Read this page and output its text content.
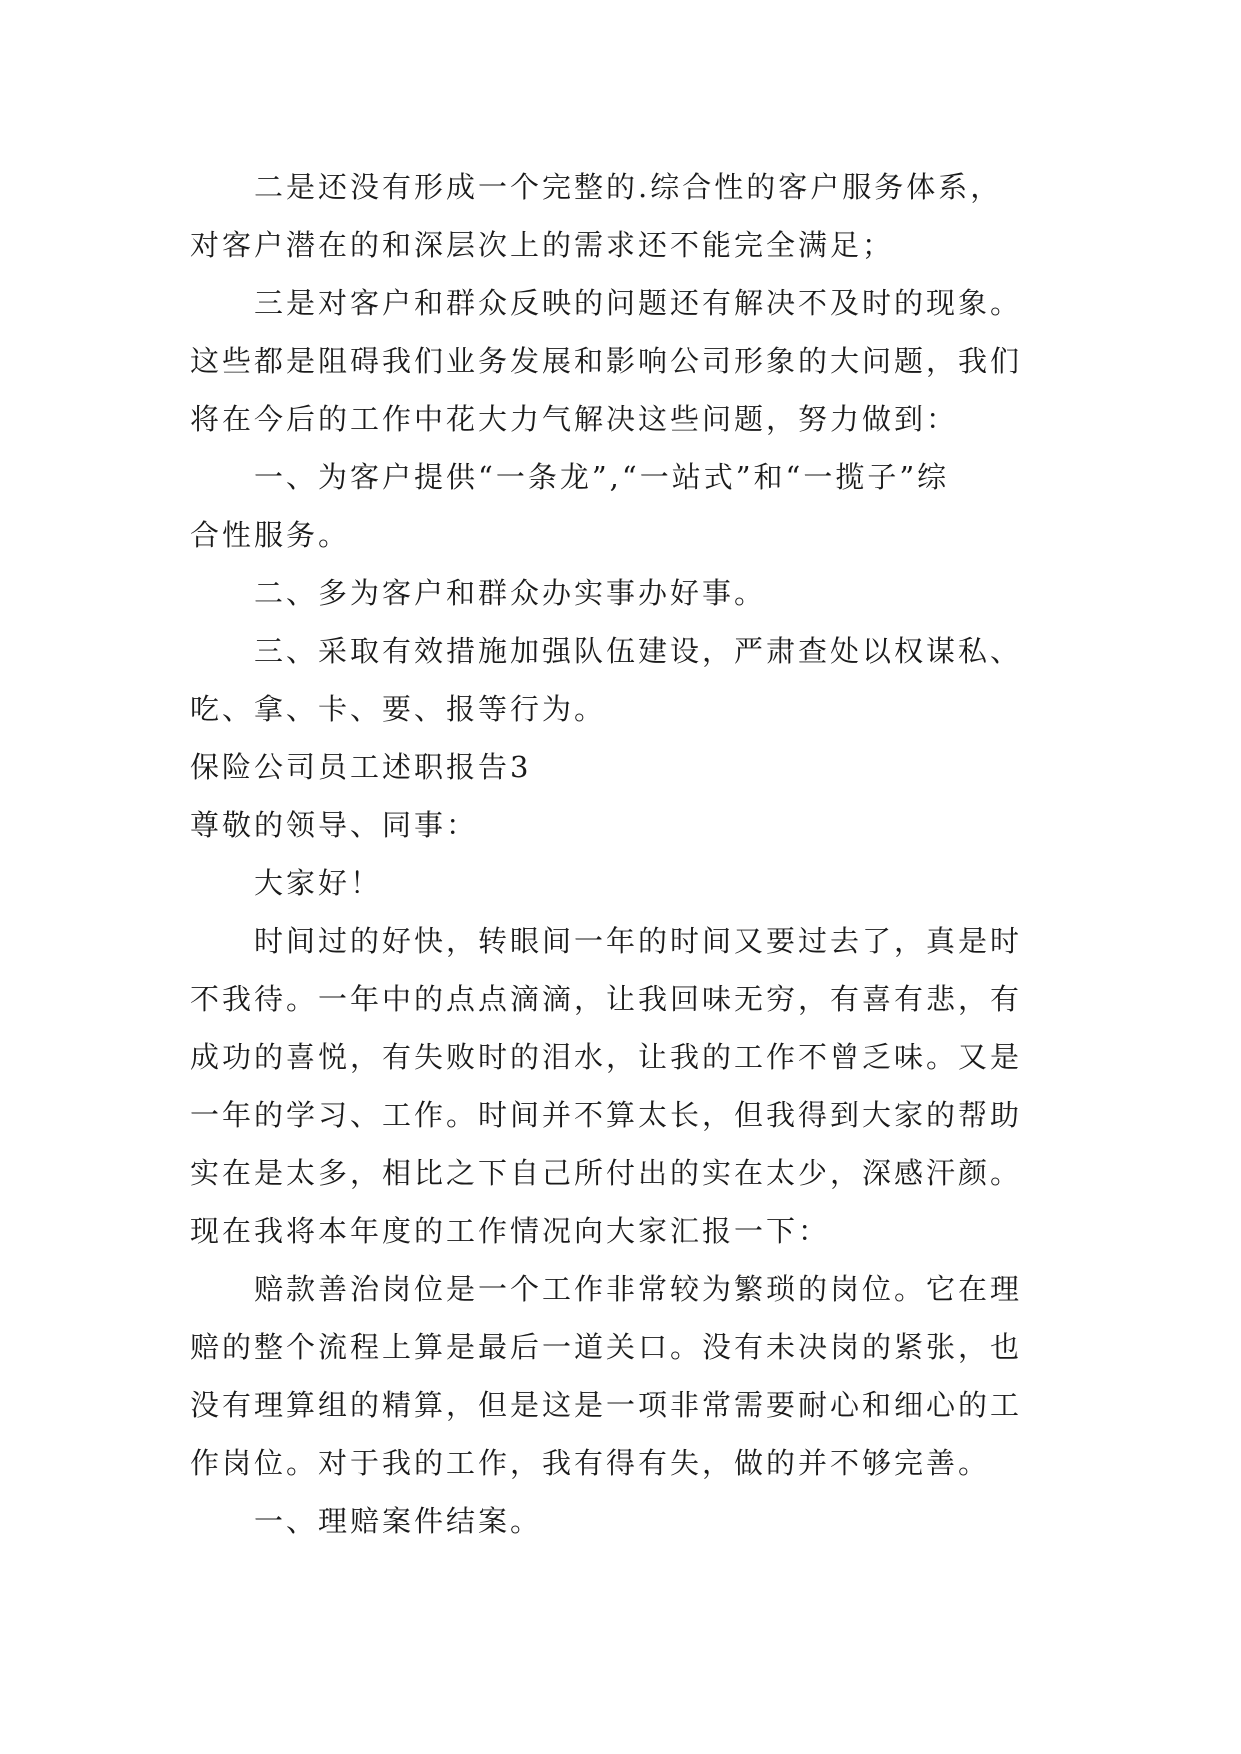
二是还没有形成一个完整的.综合性的客户服务体系，
对客户潜在的和深层次上的需求还不能完全满足；
三是对客户和群众反映的问题还有解决不及时的现象。
这些都是阻碍我们业务发展和影响公司形象的大问题，我们
将在今后的工作中花大力气解决这些问题，努力做到：
一、为客户提供“一条龙”,“一站式”和“一揽子”综
合性服务。
二、多为客户和群众办实事办好事。
三、采取有效措施加强队伍建设，严肃查处以权谋私、
吃、拿、卡、要、报等行为。
保险公司员工述职报告3
尊敬的领导、同事：
大家好！
时间过的好快，转眼间一年的时间又要过去了，真是时
不我待。一年中的点点滴滴，让我回味无穷，有喜有悲，有
成功的喜悦，有失败时的泪水，让我的工作不曾乏味。又是
一年的学习、工作。时间并不算太长，但我得到大家的帮助
实在是太多，相比之下自己所付出的实在太少，深感汗颜。
现在我将本年度的工作情况向大家汇报一下：
赔款善治岗位是一个工作非常较为繁琐的岗位。它在理
赔的整个流程上算是最后一道关口。没有未决岗的紧张，也
没有理算组的精算，但是这是一项非常需要耐心和细心的工
作岗位。对于我的工作，我有得有失，做的并不够完善。
一、理赔案件结案。
